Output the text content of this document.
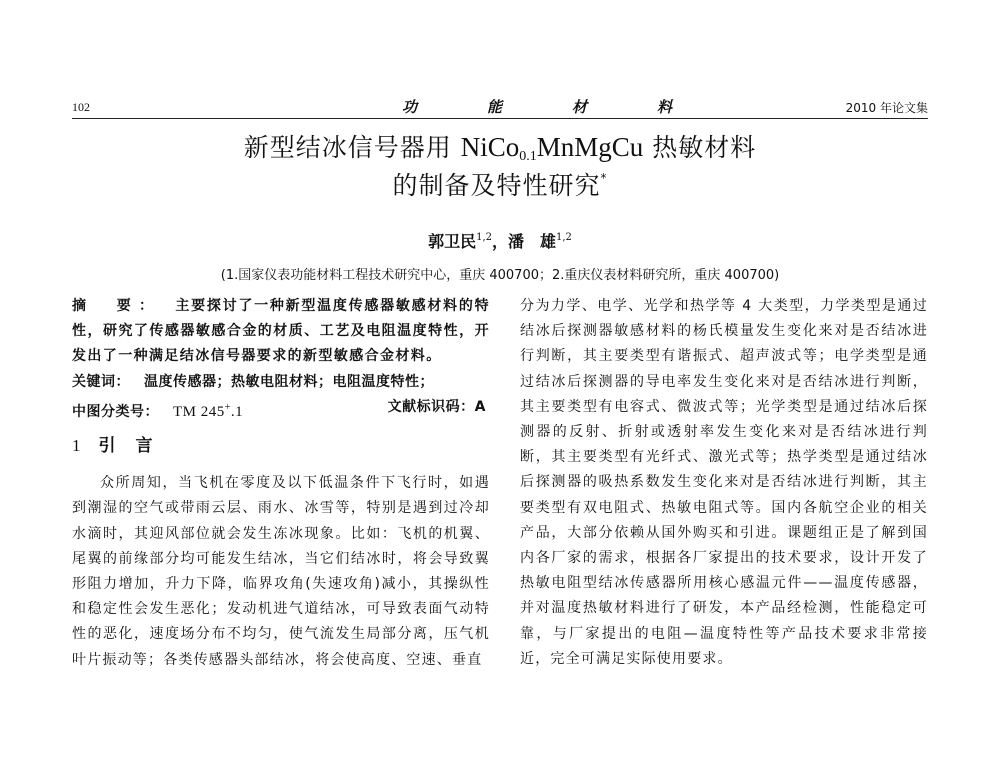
102	功	能	材	料	2010 年论文集
新型结冰信号器用 NiCo$_{0.1}$MnMgCu 热敏材料
的制备及特性研究*
郭卫民$^{1,2}$，潘　雄$^{1,2}$
(1.国家仪表功能材料工程技术研究中心，重庆 400700；2.重庆仪表材料研究所，重庆 400700)
摘　要： 主要探讨了一种新型温度传感器敏感材料的特性，研究了传感器敏感合金的材质、工艺及电阻温度特性，开发出了一种满足结冰信号器要求的新型敏感合金材料。
关键词： 温度传感器；热敏电阻材料；电阻温度特性；
中图分类号： TM 245+.1	文献标识码：A
1 引 言

众所周知，当飞机在零度及以下低温条件下飞行时，如遇到潮湿的空气或带雨云层、雨水、冰雪等，特别是遇到过冷却水滴时，其迎风部位就会发生冻冰现象。比如：飞机的机翼、尾翼的前缘部分均可能发生结冰，当它们结冰时，将会导致翼形阻力增加，升力下降，临界攻角(失速攻角)减小，其操纵性和稳定性会发生恶化；发动机进气道结冰，可导致表面气动特性的恶化，速度场分布不均匀，使气流发生局部分离，压气机叶片振动等；各类传感器头部结冰，将会使高度、空速、垂直

分为力学、电学、光学和热学等 4 大类型，力学类型是通过结冰后探测器敏感材料的杨氏模量发生变化来对是否结冰进行判断，其主要类型有谐振式、超声波式等；电学类型是通过结冰后探测器的导电率发生变化来对是否结冰进行判断，其主要类型有电容式、微波式等；光学类型是通过结冰后探测器的反射、折射或透射率发生变化来对是否结冰进行判断，其主要类型有光纤式、激光式等；热学类型是通过结冰后探测器的吸热系数发生变化来对是否结冰进行判断，其主要类型有双电阻式、热敏电阻式等。国内各航空企业的相关产品，大部分依赖从国外购买和引进。课题组正是了解到国内各厂家的需求，根据各厂家提出的技术要求，设计开发了热敏电阻型结冰传感器所用核心感温元件——温度传感器，并对温度热敏材料进行了研发，本产品经检测，性能稳定可靠，与厂家提出的电阻—温度特性等产品技术要求非常接近，完全可满足实际使用要求。
